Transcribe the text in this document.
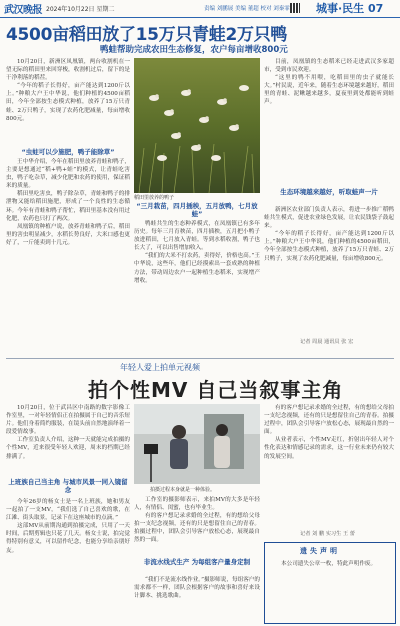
武汉晚报 2024年10月22日 星期二	责编 刘鹏展 美编 董超 校对 刘秦霏 城事·民生 07
4500亩稻田放了15万只青蛙2万只鸭
鸭蛙帮助完成农田生态修复，农户每亩增收800元

10月20日，新洲区凤凰镇，两台收割机在一望无际的稻田里来回穿梭，收割机过后，留下的是干净利落的稻茬。

“今年的稻子长得好，亩产能达到1200斤以上。”种粮大户王中华说，他们种植的4500亩稻田，今年全部按生态模式种植，放养了15万只青蛙、2万只鸭子，实现了农药化肥减量，每亩增收800元。

“虫蛀可以少施肥，鸭子能除草”

王中华介绍，今年在稻田里放养青蛙和鸭子，主要是想通过“稻+鸭+蛙”的模式，让青蛙吃害虫，鸭子吃杂草，减少化肥和农药的使用，保证稻米的质量。

稻田里吃害虫，鸭子除杂草，青蛙和鸭子的排泄物又能给稻田施肥，形成了一个良性的生态循环。今年有青蛙和鸭子帮忙，稻田里基本没有用过化肥，农药也只打了两次。

凤凰镇的种植户说，放养青蛙和鸭子后，稻田里的害虫明显减少，水稻长势良好，大米口感也更好了，一斤能卖到十几元。

稻田里放养的鸭子
“三月栽苗，四月插秧，五月放鸭，七月放蛙”

鸭蛙共生的生态种养模式，在凤凰镇已有多年历史。每年三月育秧苗，四月插秧，五月把小鸭子放进稻田，七月放入青蛙。等到水稻收割，鸭子也长大了，可以出售增加收入。

“我们的大米不打农药，卖得好，价格也高。”王中华说，这些年，他们已经摸索出一套成熟的种植方法，带动周边农户一起种植生态稻米，实现增产增收。

目前，凤凰镇的生态稻米已经走进武汉多家超市，受到市民欢迎。

“这里的鸭不用喂，吃稻田里的虫子就能长大。”村民说，近年来，随着生态环境越来越好，稻田里的青蛙、泥鳅越来越多，夏夜里到处都能听到蛙声。

生态环境越来越好，听取蛙声一片

新洲区农业部门负责人表示，将进一步推广稻鸭蛙共生模式，促进农业绿色发展，让农民钱袋子鼓起来。

“今年的稻子长得好，亩产能达到1200斤以上。”种粮大户王中华说，他们种植的4500亩稻田，今年全部按生态模式种植，放养了15万只青蛙、2万只鸭子，实现了农药化肥减量，每亩增收800元。

记者 周晨 通讯员 张 宏
年轻人爱上拍单元视频
拍个性MV 自己当叙事主角

10月20日，位于武昌区中南路的数字影像工作室里，一对年轻情侣正在拍摄属于自己的音乐短片。他们身着简约服装，在镜头前自然地演绎着一段爱情故事。

工作室负责人介绍，这种一天就能完成拍摄的个性MV，近来很受年轻人欢迎，周末的档期已经排满了。

上班族自己当主角 与城市风景一同入镜留念

今年26岁的杨女士是一名上班族，她和男友一起拍了一支MV，“我们选了自己喜欢的歌，在江滩、街头取景，记录下在这座城市的点滴。”

这部MV从前期沟通到拍摄完成，只用了一天时间，后期剪辑也只花了几天。杨女士说，拍完觉得特别有意义，可以留作纪念，也能分享给亲朋好友。

拍摄过程本身就是一种体验。

工作室的摄影师表示，来拍MV的大多是年轻人，有情侣、闺蜜，也有毕业生。

有的客户想记录求婚的全过程，有的想给父母拍一支纪念视频，还有的只是想留住自己的青春。拍摄过程中，团队会引导客户放松心态，展现最自然的一面。

非流水线式生产 为每组客户量身定制

“我们不是流水线作业。”摄影师说，每组客户的需求都不一样，团队会根据客户的故事和喜好来设计脚本、挑选歌曲。

有的客户想记录求婚的全过程，有的想给父母拍一支纪念视频，还有的只是想留住自己的青春。拍摄过程中，团队会引导客户放松心态，展现最自然的一面。

从业者表示，个性MV走红，折射出年轻人对个性化表达和情感记录的需求，这一行业未来仍有较大的发展空间。

记者 刘 鹏 实习生 王 蕾
遗失声明

本公司遗失公章一枚，特此声明作废。
